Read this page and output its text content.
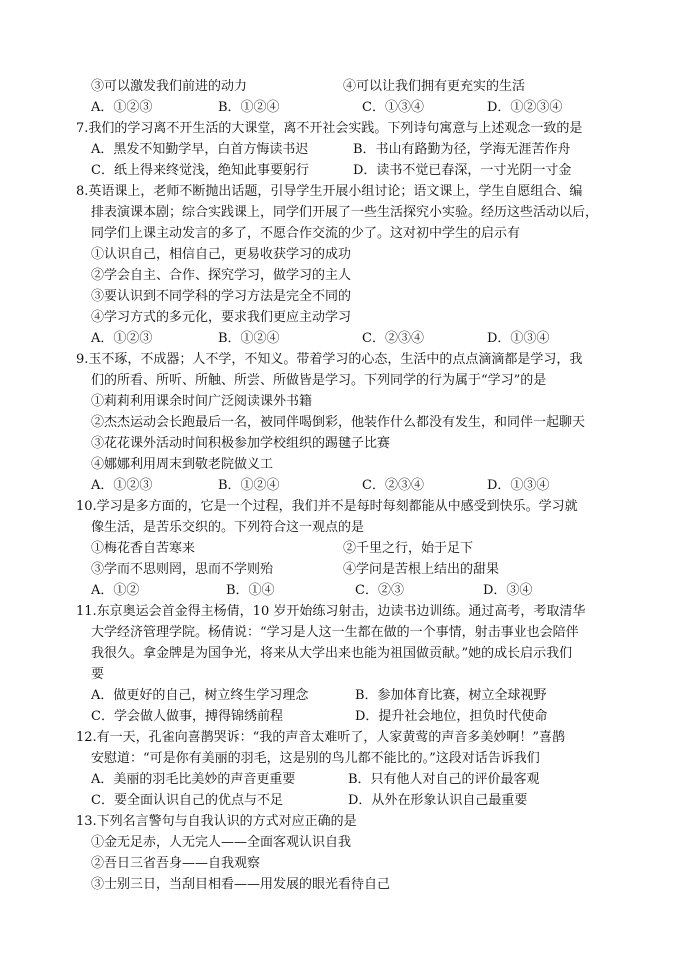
③可以激发我们前进的动力	④可以让我们拥有更充实的生活
A．①②③	B．①②④	C．①③④	D．①②③④
7.我们的学习离不开生活的大课堂，离不开社会实践。下列诗句寓意与上述观念一致的是
A．黑发不知勤学早，白首方悔读书迟	B．书山有路勤为径，学海无涯苦作舟
C．纸上得来终觉浅，绝知此事要躬行	D．读书不觉已春深，一寸光阴一寸金
8.英语课上，老师不断抛出话题，引导学生开展小组讨论；语文课上，学生自愿组合、编
排表演课本剧；综合实践课上，同学们开展了一些生活探究小实验。经历这些活动以后，
同学们上课主动发言的多了，不愿合作交流的少了。这对初中学生的启示有
①认识自己，相信自己，更易收获学习的成功
②学会自主、合作、探究学习，做学习的主人
③要认识到不同学科的学习方法是完全不同的
④学习方式的多元化，要求我们更应主动学习
A．①②③	B．①②④	C．②③④	D．①③④
9.玉不琢，不成器；人不学，不知义。带着学习的心态，生活中的点点滴滴都是学习，我
们的所看、所听、所触、所尝、所做皆是学习。下列同学的行为属于“学习”的是
①莉莉利用课余时间广泛阅读课外书籍
②杰杰运动会长跑最后一名，被同伴喝倒彩，他装作什么都没有发生，和同伴一起聊天
③花花课外活动时间积极参加学校组织的踢毽子比赛
④娜娜利用周末到敬老院做义工
A．①②③	B．①②④	C．②③④	D．①③④
10.学习是多方面的，它是一个过程，我们并不是每时每刻都能从中感受到快乐。学习就
像生活，是苦乐交织的。下列符合这一观点的是
①梅花香自苦寒来	②千里之行，始于足下
③学而不思则罔，思而不学则殆	④学问是苦根上结出的甜果
A．①②	B．①④	C．②③	D．③④
11.东京奥运会首金得主杨倩，10 岁开始练习射击，边读书边训练。通过高考，考取清华
大学经济管理学院。杨倩说：“学习是人这一生都在做的一个事情，射击事业也会陪伴
我很久。拿金牌是为国争光，将来从大学出来也能为祖国做贡献。”她的成长启示我们
要
A．做更好的自己，树立终生学习理念	B．参加体育比赛，树立全球视野
C．学会做人做事，搏得锦绣前程	D．提升社会地位，担负时代使命
12.有一天，孔雀向喜鹊哭诉：“我的声音太难听了，人家黄莺的声音多美妙啊！”喜鹊
安慰道：“可是你有美丽的羽毛，这是别的鸟儿都不能比的。”这段对话告诉我们
A．美丽的羽毛比美妙的声音更重要	B．只有他人对自己的评价最客观
C．要全面认识自己的优点与不足	D．从外在形象认识自己最重要
13.下列名言警句与自我认识的方式对应正确的是
①金无足赤，人无完人——全面客观认识自我
②吾日三省吾身——自我观察
③士别三日，当刮目相看——用发展的眼光看待自己
